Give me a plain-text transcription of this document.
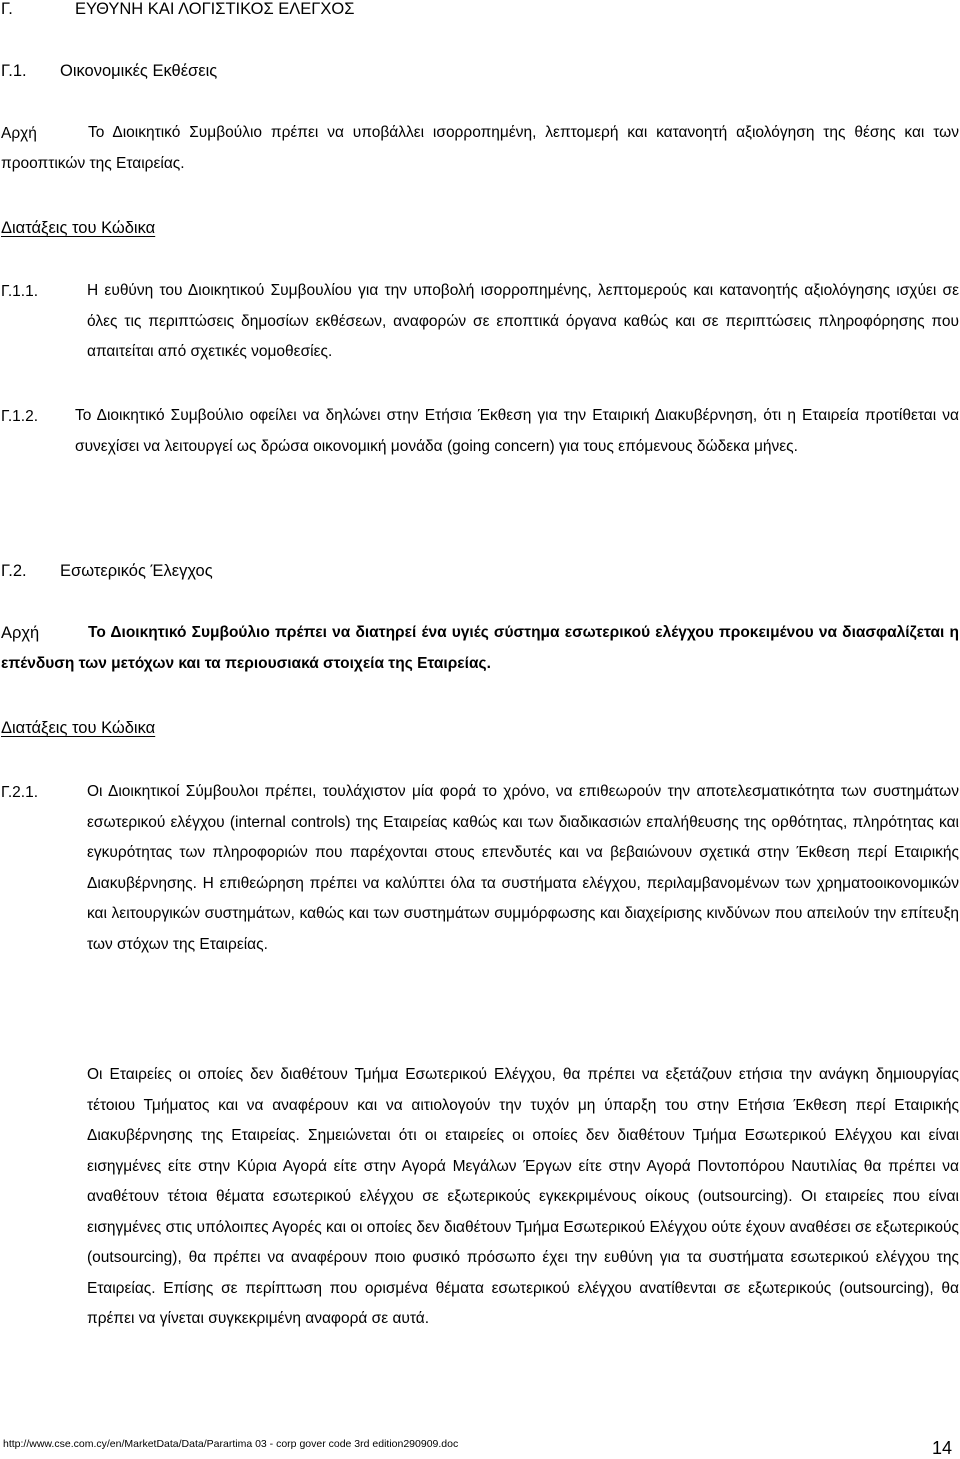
Γ.	ΕΥΘΥΝΗ ΚΑΙ ΛΟΓΙΣΤΙΚΟΣ ΕΛΕΓΧΟΣ
Γ.1. Οικονομικές Εκθέσεις
Αρχή	Το Διοικητικό Συμβούλιο πρέπει να υποβάλλει ισορροπημένη, λεπτομερή και κατανοητή αξιολόγηση της θέσης και των προοπτικών της Εταιρείας.
Διατάξεις του Κώδικα
Γ.1.1.	Η ευθύνη του Διοικητικού Συμβουλίου για την υποβολή ισορροπημένης, λεπτομερούς και κατανοητής αξιολόγησης ισχύει σε όλες τις περιπτώσεις δημοσίων εκθέσεων, αναφορών σε εποπτικά όργανα καθώς και σε περιπτώσεις πληροφόρησης που απαιτείται από σχετικές νομοθεσίες.
Γ.1.2. Το Διοικητικό Συμβούλιο οφείλει να δηλώνει στην Ετήσια Έκθεση για την Εταιρική Διακυβέρνηση, ότι η Εταιρεία προτίθεται να συνεχίσει να λειτουργεί ως δρώσα οικονομική μονάδα (going concern) για τους επόμενους δώδεκα μήνες.
Γ.2. Εσωτερικός Έλεγχος
Αρχή	Το Διοικητικό Συμβούλιο πρέπει να διατηρεί ένα υγιές σύστημα εσωτερικού ελέγχου προκειμένου να διασφαλίζεται η επένδυση των μετόχων και τα περιουσιακά στοιχεία της Εταιρείας.
Διατάξεις του Κώδικα
Γ.2.1.	Οι Διοικητικοί Σύμβουλοι πρέπει, τουλάχιστον μία φορά το χρόνο, να επιθεωρούν την αποτελεσματικότητα των συστημάτων εσωτερικού ελέγχου (internal controls) της Εταιρείας καθώς και των διαδικασιών επαλήθευσης της ορθότητας, πληρότητας και εγκυρότητας των πληροφοριών που παρέχονται στους επενδυτές και να βεβαιώνουν σχετικά στην Έκθεση περί Εταιρικής Διακυβέρνησης. Η επιθεώρηση πρέπει να καλύπτει όλα τα συστήματα ελέγχου, περιλαμβανομένων των χρηματοοικονομικών και λειτουργικών συστημάτων, καθώς και των συστημάτων συμμόρφωσης και διαχείρισης κινδύνων που απειλούν την επίτευξη των στόχων της Εταιρείας.
Οι Εταιρείες οι οποίες δεν διαθέτουν Τμήμα Εσωτερικού Ελέγχου, θα πρέπει να εξετάζουν ετήσια την ανάγκη δημιουργίας τέτοιου Τμήματος και να αναφέρουν και να αιτιολογούν την τυχόν μη ύπαρξη του στην Ετήσια Έκθεση περί Εταιρικής Διακυβέρνησης της Εταιρείας. Σημειώνεται ότι οι εταιρείες οι οποίες δεν διαθέτουν Τμήμα Εσωτερικού Ελέγχου και είναι εισηγμένες είτε στην Κύρια Αγορά είτε στην Αγορά Μεγάλων Έργων είτε στην Αγορά Ποντοπόρου Ναυτιλίας θα πρέπει να αναθέτουν τέτοια θέματα εσωτερικού ελέγχου σε εξωτερικούς εγκεκριμένους οίκους (outsourcing). Οι εταιρείες που είναι εισηγμένες στις υπόλοιπες Αγορές και οι οποίες δεν διαθέτουν Τμήμα Εσωτερικού Ελέγχου ούτε έχουν αναθέσει σε εξωτερικούς (outsourcing), θα πρέπει να αναφέρουν ποιο φυσικό πρόσωπο έχει την ευθύνη για τα συστήματα εσωτερικού ελέγχου της Εταιρείας. Επίσης σε περίπτωση που ορισμένα θέματα εσωτερικού ελέγχου ανατίθενται σε εξωτερικούς (outsourcing), θα πρέπει να γίνεται συγκεκριμένη αναφορά σε αυτά.
http://www.cse.com.cy/en/MarketData/Data/Parartima 03 - corp gover code 3rd edition290909.doc	14
